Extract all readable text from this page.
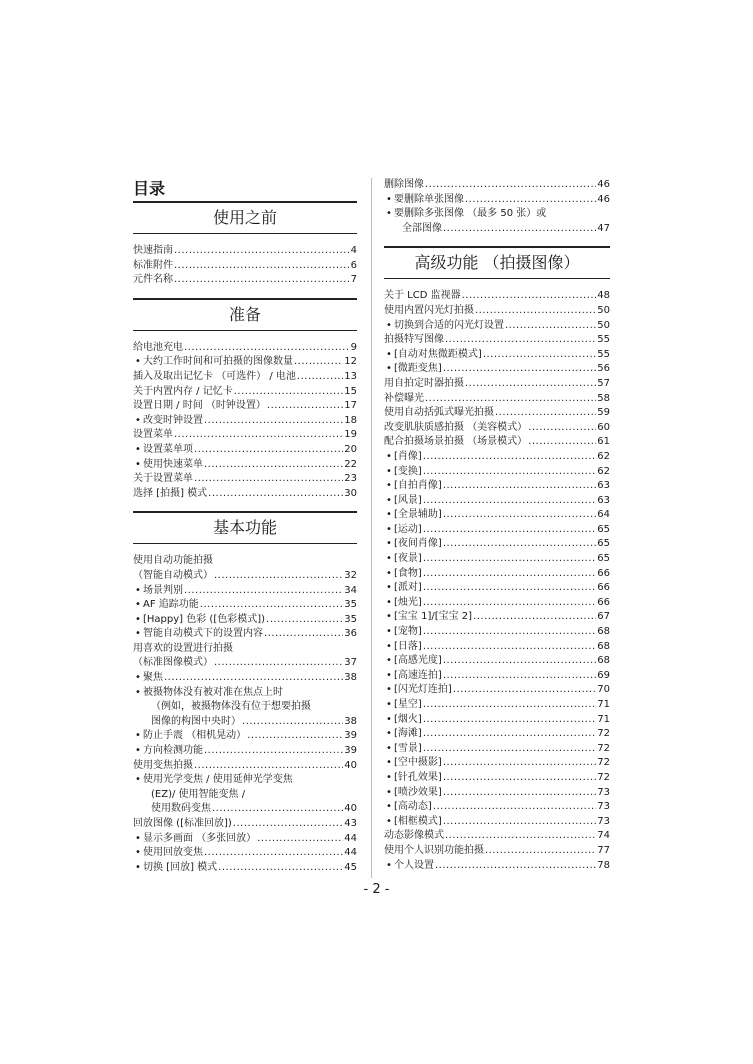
目录
使用之前
快速指南 .....	4
标准附件 .....	6
元件名称 .....	7
准备
给电池充电 .....	9
• 大约工作时间和可拍摄的图像数量 .....	12
插入及取出记忆卡 （可选件） / 电池 .....	13
关于内置内存 / 记忆卡 .....	15
设置日期 / 时间 （时钟设置） .....	17
• 改变时钟设置 .....	18
设置菜单 .....	19
• 设置菜单项 .....	20
• 使用快速菜单 .....	22
关于设置菜单 .....	23
选择 [拍摄] 模式 .....	30
基本功能
使用自动功能拍摄
（智能自动模式） .....	32
• 场景判别 .....	34
• AF 追踪功能 .....	35
• [Happy] 色彩 ([色彩模式]) .....	35
• 智能自动模式下的设置内容 .....	36
用喜欢的设置进行拍摄
（标准图像模式） .....	37
• 聚焦 .....	38
• 被摄物体没有被对准在焦点上时
（例如，被摄物体没有位于想要拍摄
图像的构图中央时） .....	38
• 防止手震 （相机晃动） .....	39
• 方向检测功能 .....	39
使用变焦拍摄 .....	40
• 使用光学变焦 / 使用延伸光学变焦
(EZ)/ 使用智能变焦 /
使用数码变焦 .....	40
回放图像 ([标准回放]) .....	43
• 显示多画面 （多张回放） .....	44
• 使用回放变焦 .....	44
• 切换 [回放] 模式 .....	45
删除图像 .....	46
• 要删除单张图像 .....	46
• 要删除多张图像 （最多 50 张）或
全部图像 .....	47
高级功能 （拍摄图像）
关于 LCD 监视器 .....	48
使用内置闪光灯拍摄 .....	50
• 切换到合适的闪光灯设置 .....	50
拍摄特写图像 .....	55
• [自动对焦微距模式] .....	55
• [微距变焦] .....	56
用自拍定时器拍摄 .....	57
补偿曝光 .....	58
使用自动括弧式曝光拍摄 .....	59
改变肌肤质感拍摄 （美容模式） .....	60
配合拍摄场景拍摄 （场景模式） .....	61
• [肖像] .....	62
• [变换] .....	62
• [自拍肖像] .....	63
• [风景] .....	63
• [全景辅助] .....	64
• [运动] .....	65
• [夜间肖像] .....	65
• [夜景] .....	65
• [食物] .....	66
• [派对] .....	66
• [烛光] .....	66
• [宝宝 1]/[宝宝 2] .....	67
• [宠物] .....	68
• [日落] .....	68
• [高感光度] .....	68
• [高速连拍] .....	69
• [闪光灯连拍] .....	70
• [星空] .....	71
• [烟火] .....	71
• [海滩] .....	72
• [雪景] .....	72
• [空中摄影] .....	72
• [针孔效果] .....	72
• [喷沙效果] .....	73
• [高动态] .....	73
• [相框模式] .....	73
动态影像模式 .....	74
使用个人识别功能拍摄 .....	77
• 个人设置 .....	78
- 2 -
